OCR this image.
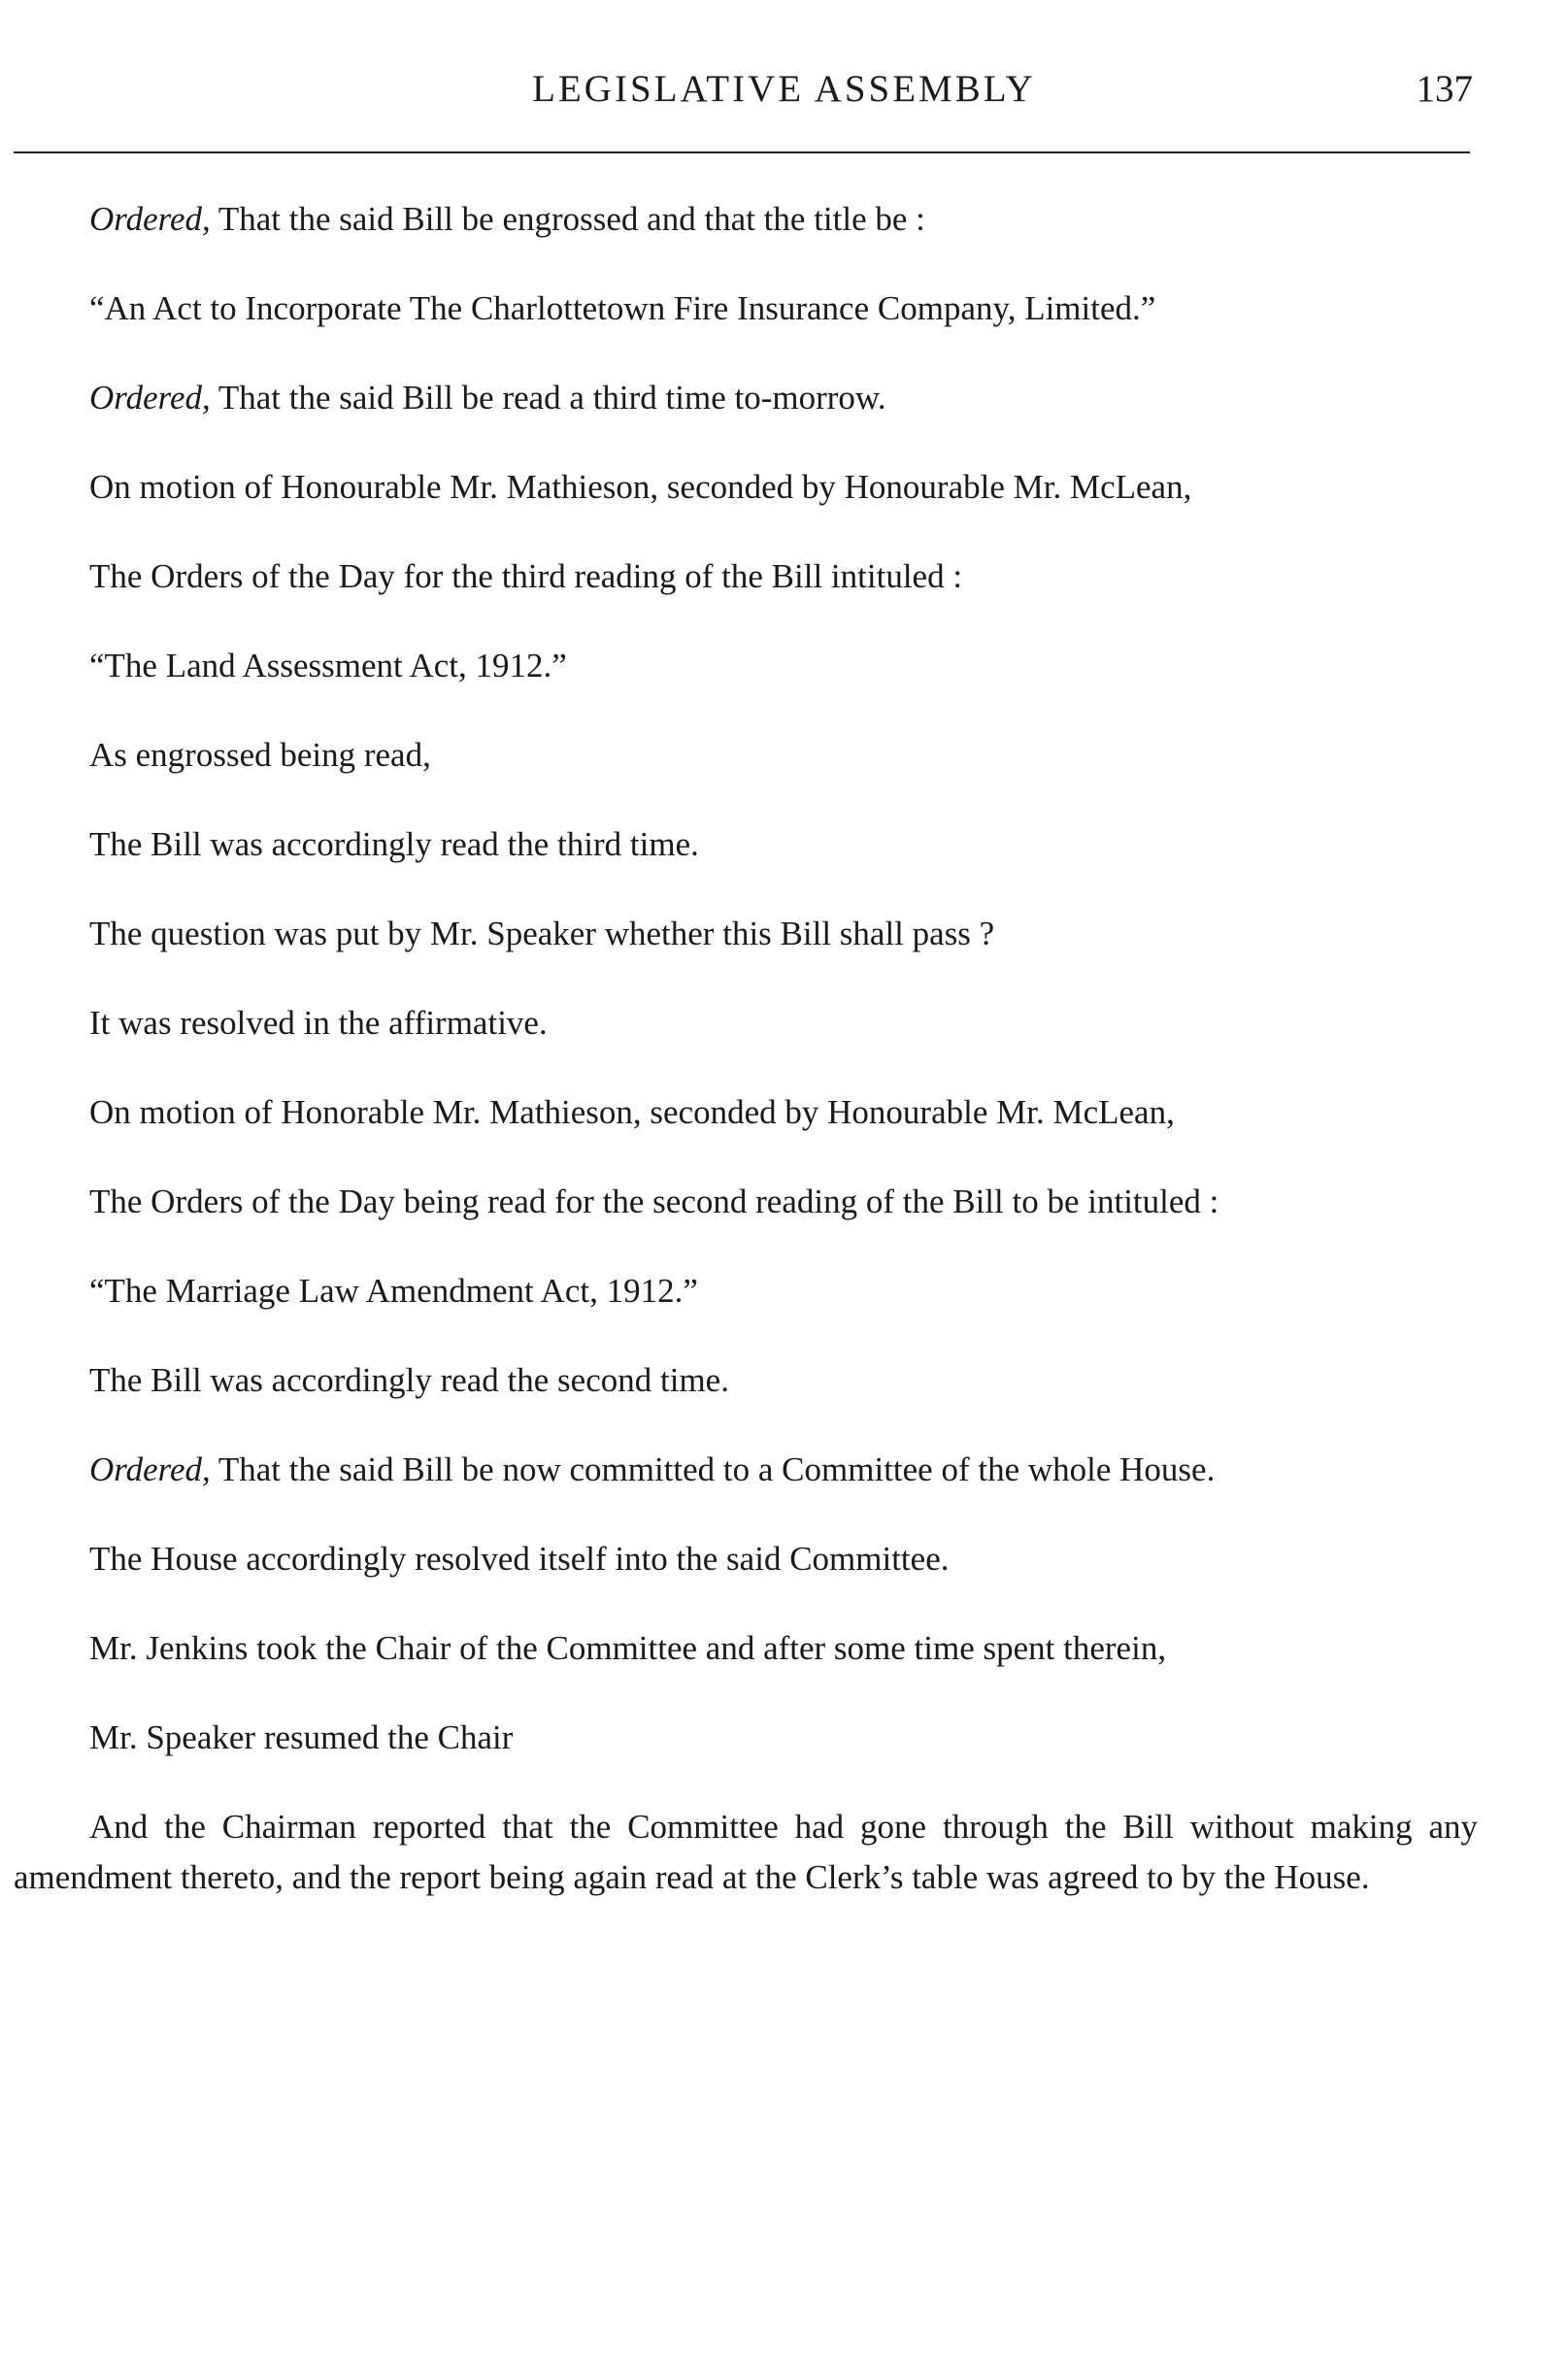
LEGISLATIVE ASSEMBLY	137

Ordered, That the said Bill be engrossed and that the title be :

“An Act to Incorporate The Charlottetown Fire Insurance Company, Limited.”

Ordered, That the said Bill be read a third time to-morrow.

On motion of Honourable Mr. Mathieson, seconded by Honourable Mr. McLean,

The Orders of the Day for the third reading of the Bill intituled :

“The Land Assessment Act, 1912.”

As engrossed being read,

The Bill was accordingly read the third time.

The question was put by Mr. Speaker whether this Bill shall pass ?

It was resolved in the affirmative.

On motion of Honorable Mr. Mathieson, seconded by Honourable Mr. McLean,

The Orders of the Day being read for the second reading of the Bill to be intituled :

“The Marriage Law Amendment Act, 1912.”

The Bill was accordingly read the second time.

Ordered, That the said Bill be now committed to a Committee of the whole House.

The House accordingly resolved itself into the said Committee.

Mr. Jenkins took the Chair of the Committee and after some time spent therein,

Mr. Speaker resumed the Chair

And the Chairman reported that the Committee had gone through the Bill without making any amendment thereto, and the report being again read at the Clerk’s table was agreed to by the House.
